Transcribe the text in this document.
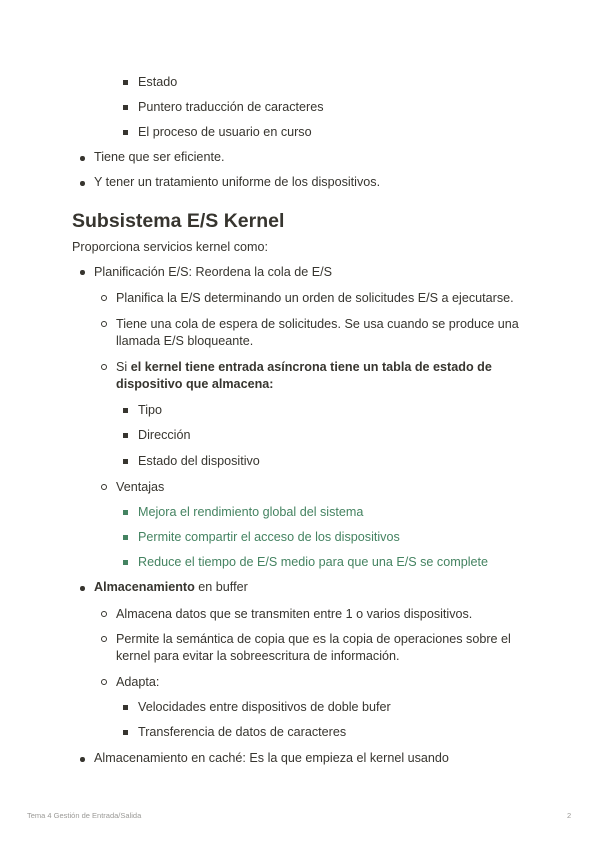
Estado
Puntero traducción de caracteres
El proceso de usuario en curso
Tiene que ser eficiente.
Y tener un tratamiento uniforme de los dispositivos.
Subsistema E/S Kernel
Proporciona servicios kernel como:
Planificación E/S: Reordena la cola de E/S
Planifica la E/S determinando un orden de solicitudes E/S a ejecutarse.
Tiene una cola de espera de solicitudes. Se usa cuando se produce una
llamada E/S bloqueante.
Si el kernel tiene entrada asíncrona tiene un tabla de estado de
dispositivo que almacena:
Tipo
Dirección
Estado del dispositivo
Ventajas
Mejora el rendimiento global del sistema
Permite compartir el acceso de los dispositivos
Reduce el tiempo de E/S medio para que una E/S se complete
Almacenamiento en buffer
Almacena datos que se transmiten entre 1 o varios dispositivos.
Permite la semántica de copia que es la copia de operaciones sobre el
kernel para evitar la sobreescritura de información.
Adapta:
Velocidades entre dispositivos de doble bufer
Transferencia de datos de caracteres
Almacenamiento en caché: Es la que empieza el kernel usando
Tema 4 Gestión de Entrada/Salida	2
